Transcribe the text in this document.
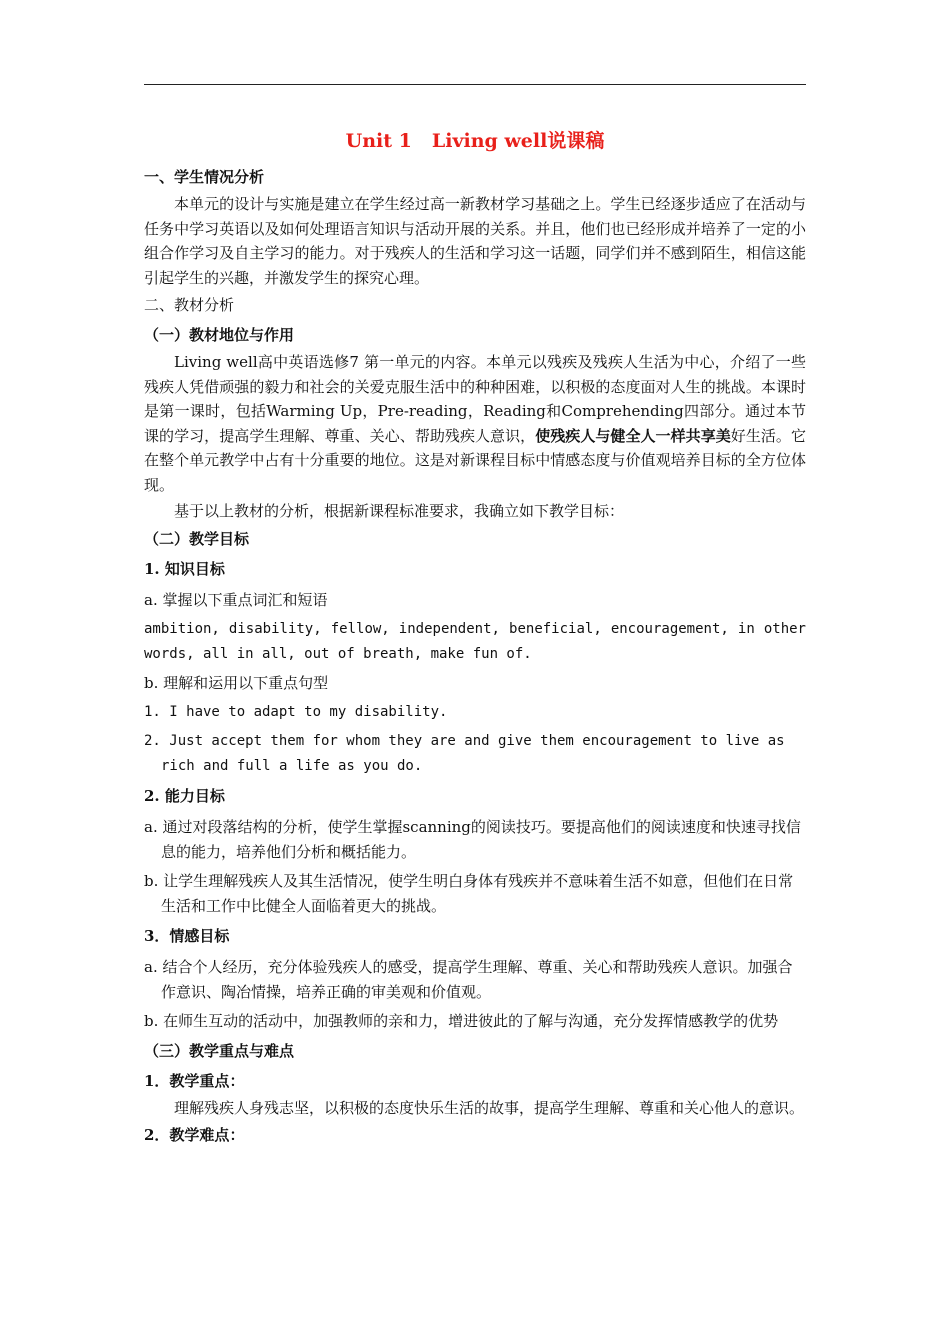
Unit 1 Living well说课稿
一、学生情况分析

本单元的设计与实施是建立在学生经过高一新教材学习基础之上。学生已经逐步适应了在活动与任务中学习英语以及如何处理语言知识与活动开展的关系。并且，他们也已经形成并培养了一定的小组合作学习及自主学习的能力。对于残疾人的生活和学习这一话题，同学们并不感到陌生，相信这能引起学生的兴趣，并激发学生的探究心理。

二、教材分析
（一）教材地位与作用

Living well高中英语选修7 第一单元的内容。本单元以残疾及残疾人生活为中心，介绍了一些残疾人凭借顽强的毅力和社会的关爱克服生活中的种种困难，以积极的态度面对人生的挑战。本课时是第一课时，包括Warming Up，Pre-reading，Reading和Comprehending四部分。通过本节课的学习，提高学生理解、尊重、关心、帮助残疾人意识，使残疾人与健全人一样共享美好生活。它在整个单元教学中占有十分重要的地位。这是对新课程目标中情感态度与价值观培养目标的全方位体现。

基于以上教材的分析，根据新课程标准要求，我确立如下教学目标：

（二）教学目标
1. 知识目标
a. 掌握以下重点词汇和短语

ambition, disability, fellow, independent, beneficial, encouragement, in other words, all in all, out of breath, make fun of.

b. 理解和运用以下重点句型
1. I have to adapt to my disability.
2. Just accept them for whom they are and give them encouragement to live as rich and full a life as you do.
2. 能力目标
a. 通过对段落结构的分析，使学生掌握scanning的阅读技巧。要提高他们的阅读速度和快速寻找信息的能力，培养他们分析和概括能力。
b. 让学生理解残疾人及其生活情况，使学生明白身体有残疾并不意味着生活不如意，但他们在日常生活和工作中比健全人面临着更大的挑战。
3．情感目标
a. 结合个人经历，充分体验残疾人的感受，提高学生理解、尊重、关心和帮助残疾人意识。加强合作意识、陶冶情操，培养正确的审美观和价值观。
b. 在师生互动的活动中，加强教师的亲和力，增进彼此的了解与沟通，充分发挥情感教学的优势
（三）教学重点与难点
1．教学重点：

理解残疾人身残志坚，以积极的态度快乐生活的故事，提高学生理解、尊重和关心他人的意识。

2．教学难点：
